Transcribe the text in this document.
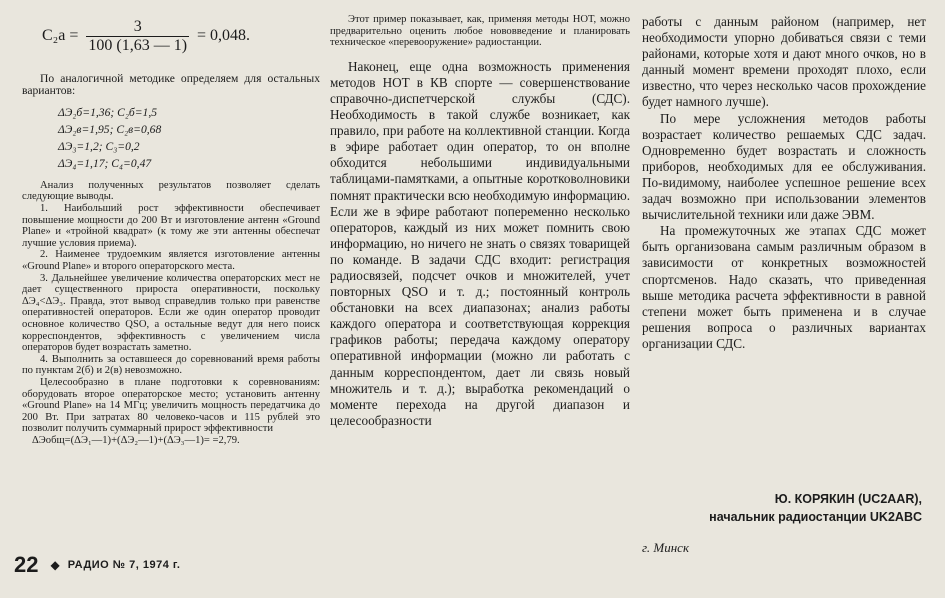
$C_2а = \frac{3}{100 (1,63 — 1)} = 0,048$.

По аналогичной методике определяем для остальных вариантов:

ΔЭ₂б=1,36; C₂б=1,5
ΔЭ₂в=1,95; C₂в=0,68
ΔЭ₃=1,2; C₃=0,2
ΔЭ₄=1,17; C₄=0,47

Анализ полученных результатов позволяет сделать следующие выводы.

1. Наибольший рост эффективности обеспечивает повышение мощности до 200 Вт и изготовление антенн «Ground Plane» и «тройной квадрат» (к тому же эти антенны обеспечат лучшие условия приема).

2. Наименее трудоемким является изготовление антенны «Ground Plane» и второго операторского места.

3. Дальнейшее увеличение количества операторских мест не дает существенного прироста оперативности, поскольку ΔЭ₄<ΔЭ₃. Правда, этот вывод справедлив только при равенстве оперативностей операторов. Если же один оператор проводит основное количество QSO, а остальные ведут для него поиск корреспондентов, эффективность с увеличением числа операторов будет возрастать заметно.

4. Выполнить за оставшееся до соревнований время работы по пунктам 2(б) и 2(в) невозможно.

Целесообразно в плане подготовки к соревнованиям: оборудовать второе операторское место; установить антенну «Ground Plane» на 14 МГц; увеличить мощность передатчика до 200 Вт. При затратах 80 человеко-часов и 115 рублей это позволит получить суммарный прирост эффективности

ΔЭобщ=(ΔЭ₁—1)+(ΔЭ₂—1)+(ΔЭ₃—1)= =2,79.

Этот пример показывает, как, применяя методы НОТ, можно предварительно оценить любое нововведение и планировать техническое «перевооружение» радиостанции.

Наконец, еще одна возможность применения методов НОТ в КВ спорте — совершенствование справочно-диспетчерской службы (СДС). Необходимость в такой службе возникает, как правило, при работе на коллективной станции. Когда в эфире работает один оператор, то он вполне обходится небольшими индивидуальными таблицами-памятками, а опытные коротковолновики помнят практически всю необходимую информацию. Если же в эфире работают попеременно несколько операторов, каждый из них может помнить свою информацию, но ничего не знать о связях товарищей по команде. В задачи СДС входит: регистрация радиосвязей, подсчет очков и множителей, учет повторных QSO и т. д.; постоянный контроль обстановки на всех диапазонах; анализ работы каждого оператора и соответствующая коррекция графиков работы; передача каждому оператору оперативной информации (можно ли работать с данным корреспондентом, дает ли связь новый множитель и т. д.); выработка рекомендаций о моменте перехода на другой диапазон и целесообразности

работы с данным районом (например, нет необходимости упорно добиваться связи с теми районами, которые хотя и дают много очков, но в данный момент времени проходят плохо, если известно, что через несколько часов прохождение будет намного лучше).

По мере усложнения методов работы возрастает количество решаемых СДС задач. Одновременно будет возрастать и сложность приборов, необходимых для ее обслуживания. По-видимому, наиболее успешное решение всех задач возможно при использовании элементов вычислительной техники или даже ЭВМ.

На промежуточных же этапах СДС может быть организована самым различным образом в зависимости от конкретных возможностей спортсменов. Надо сказать, что приведенная выше методика расчета эффективности в равной степени может быть применена и в случае решения вопроса о различных вариантах организации СДС.

Ю. КОРЯКИН (UC2AAR),
начальник радиостанции UK2ABC
г. Минск
22 ◆ РАДИО № 7, 1974 г.
